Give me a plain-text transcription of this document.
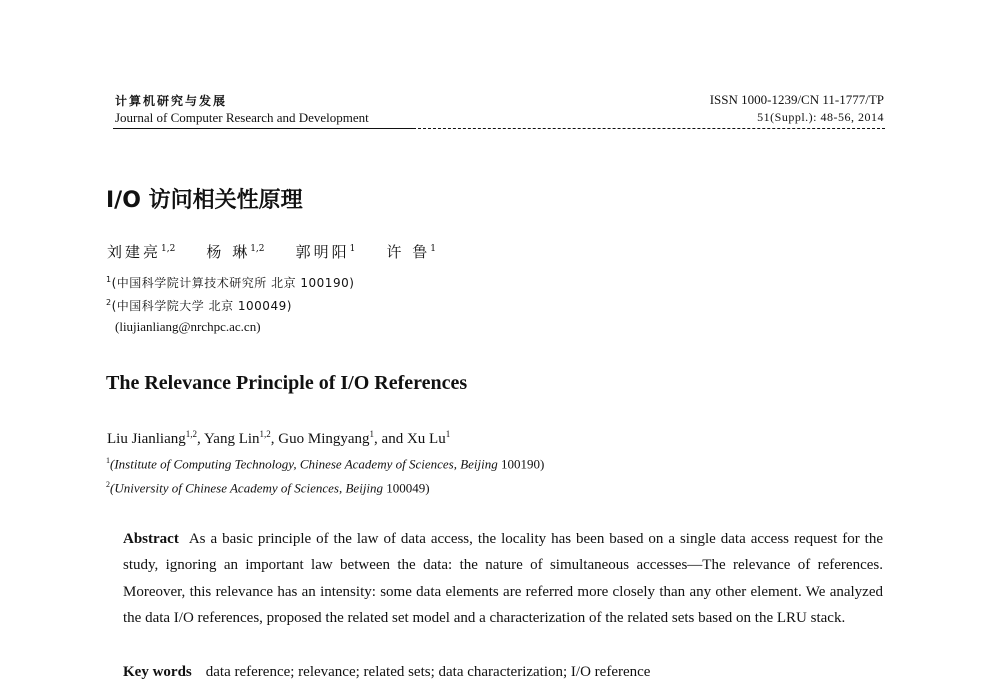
计算机研究与发展
Journal of Computer Research and Development
ISSN 1000-1239/CN 11-1777/TP
51(Suppl.): 48-56, 2014
I/O 访问相关性原理
刘建亮$^{1,2}$ 杨 琳$^{1,2}$ 郭明阳$^1$ 许 鲁$^1$
$^1$(中国科学院计算技术研究所 北京 100190)
$^2$(中国科学院大学 北京 100049)
(liujianliang@nrchpc.ac.cn)
The Relevance Principle of I/O References
Liu Jianliang$^{1,2}$, Yang Lin$^{1,2}$, Guo Mingyang$^1$, and Xu Lu$^1$
$^1$(Institute of Computing Technology, Chinese Academy of Sciences, Beijing 100190)
$^2$(University of Chinese Academy of Sciences, Beijing 100049)
Abstract As a basic principle of the law of data access, the locality has been based on a single data access request for the study, ignoring an important law between the data: the nature of simultaneous accesses—The relevance of references. Moreover, this relevance has an intensity: some data elements are referred more closely than any other element. We analyzed the data I/O references, proposed the related set model and a characterization of the related sets based on the LRU stack.
Key words data reference; relevance; related sets; data characterization; I/O reference
